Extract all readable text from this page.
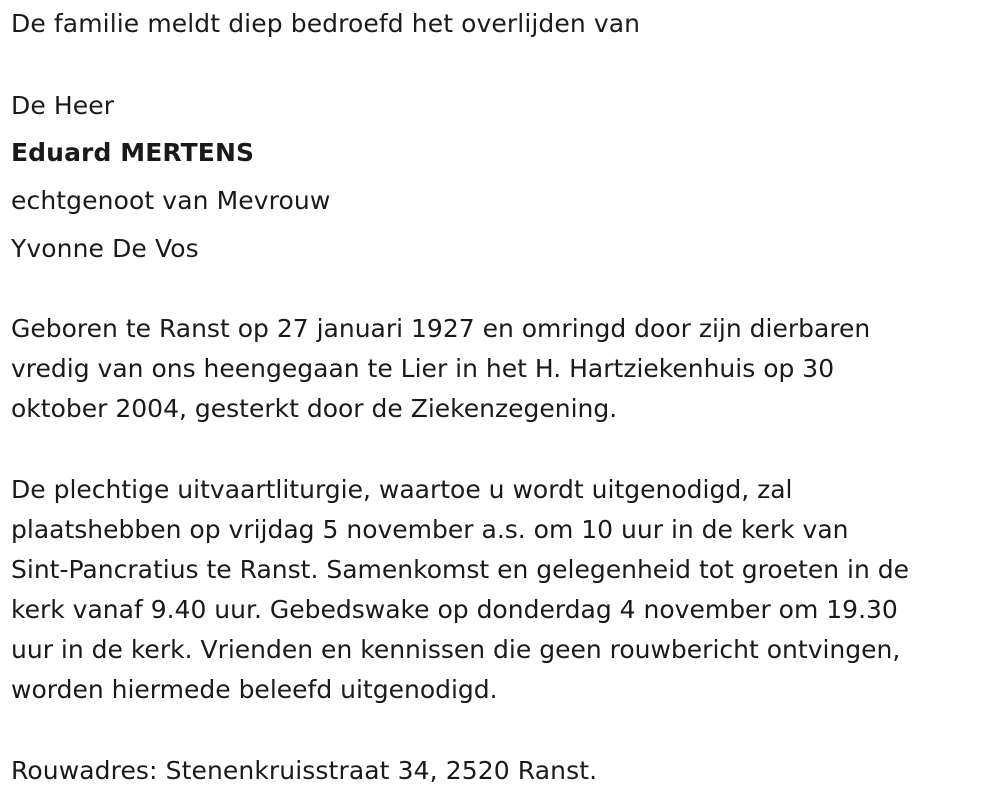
De familie meldt diep bedroefd het overlijden van
De Heer
Eduard MERTENS
echtgenoot van Mevrouw
Yvonne De Vos
Geboren te Ranst op 27 januari 1927 en omringd door zijn dierbaren
vredig van ons heengegaan te Lier in het H. Hartziekenhuis op 30
oktober 2004, gesterkt door de Ziekenzegening.
De plechtige uitvaartliturgie, waartoe u wordt uitgenodigd, zal
plaatshebben op vrijdag 5 november a.s. om 10 uur in de kerk van
Sint-Pancratius te Ranst. Samenkomst en gelegenheid tot groeten in de
kerk vanaf 9.40 uur. Gebedswake op donderdag 4 november om 19.30
uur in de kerk. Vrienden en kennissen die geen rouwbericht ontvingen,
worden hiermede beleefd uitgenodigd.
Rouwadres: Stenenkruisstraat 34, 2520 Ranst.
